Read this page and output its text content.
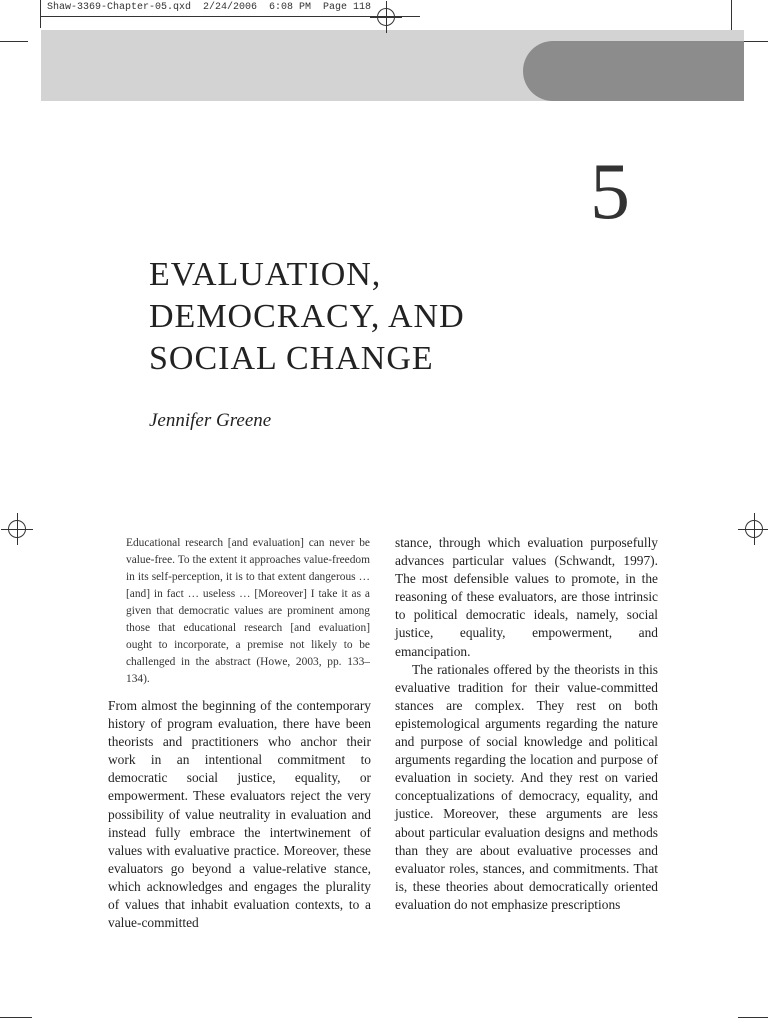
Shaw-3369-Chapter-05.qxd  2/24/2006  6:08 PM  Page 118
5
EVALUATION,
DEMOCRACY, AND
SOCIAL CHANGE
Jennifer Greene
Educational research [and evaluation] can never be value-free. To the extent it approaches value-freedom in its self-perception, it is to that extent dangerous … [and] in fact … useless … [Moreover] I take it as a given that democratic values are prominent among those that educational research [and evaluation] ought to incorporate, a premise not likely to be challenged in the abstract (Howe, 2003, pp. 133–134).

From almost the beginning of the contemporary history of program evaluation, there have been theorists and practitioners who anchor their work in an intentional commitment to democratic social justice, equality, or empowerment. These evaluators reject the very possibility of value neutrality in evaluation and instead fully embrace the intertwinement of values with evaluative practice. Moreover, these evaluators go beyond a value-relative stance, which acknowledges and engages the plurality of values that inhabit evaluation contexts, to a value-committed

stance, through which evaluation purposefully advances particular values (Schwandt, 1997). The most defensible values to promote, in the reasoning of these evaluators, are those intrinsic to political democratic ideals, namely, social justice, equality, empowerment, and emancipation.

The rationales offered by the theorists in this evaluative tradition for their value-committed stances are complex. They rest on both epistemological arguments regarding the nature and purpose of social knowledge and political arguments regarding the location and purpose of evaluation in society. And they rest on varied conceptualizations of democracy, equality, and justice. Moreover, these arguments are less about particular evaluation designs and methods than they are about evaluative processes and evaluator roles, stances, and commitments. That is, these theories about democratically oriented evaluation do not emphasize prescriptions
